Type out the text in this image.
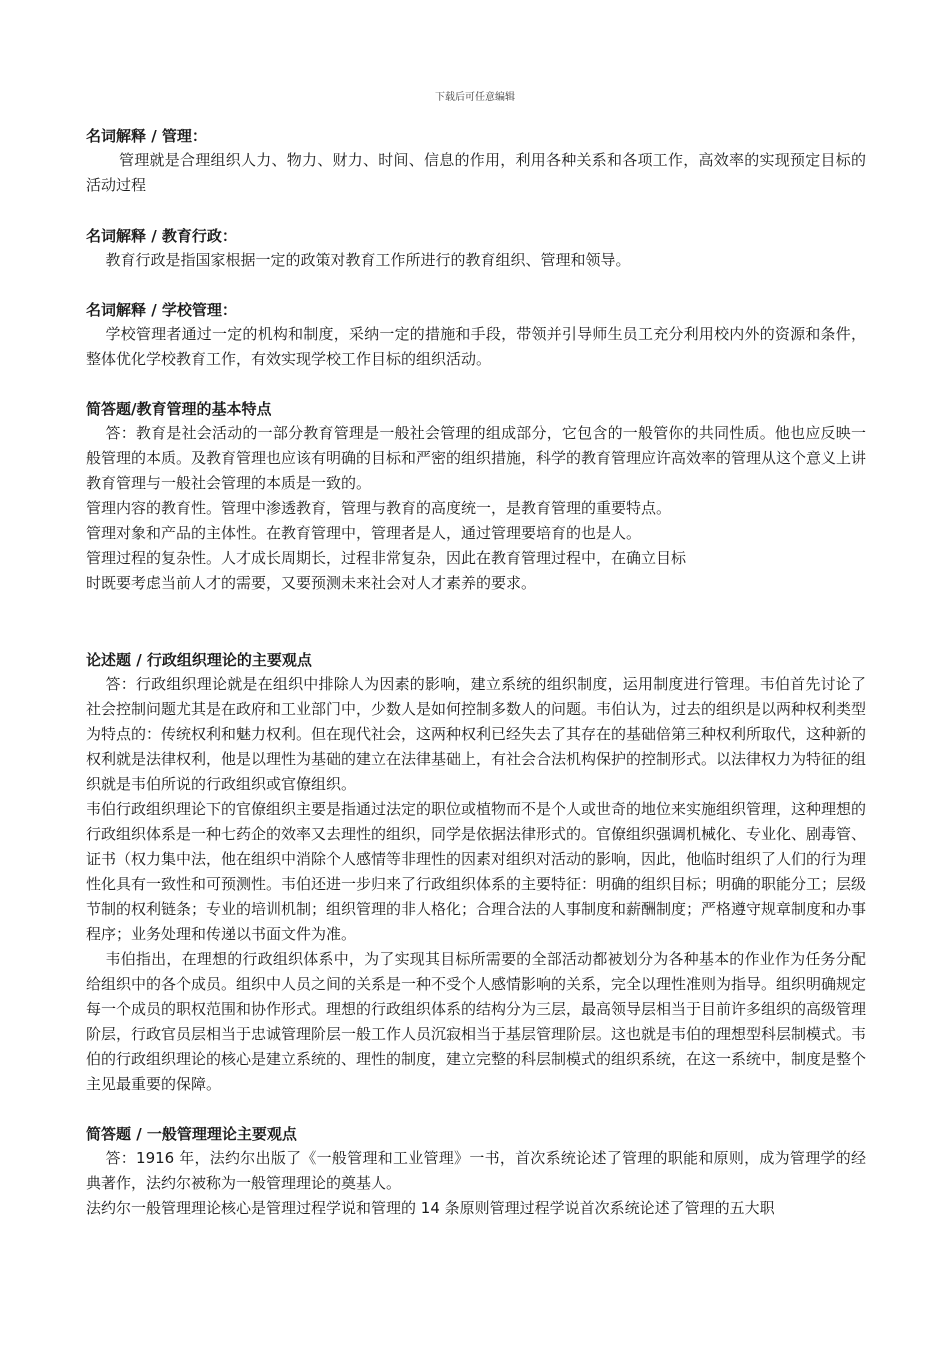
下载后可任意编辑

名词解释 / 管理：

管理就是合理组织人力、物力、财力、时间、信息的作用，利用各种关系和各项工作，高效率的实现预定目标的活动过程

名词解释 / 教育行政：

教育行政是指国家根据一定的政策对教育工作所进行的教育组织、管理和领导。

名词解释 / 学校管理：

学校管理者通过一定的机构和制度，采纳一定的措施和手段，带领并引导师生员工充分利用校内外的资源和条件，整体优化学校教育工作，有效实现学校工作目标的组织活动。

简答题/教育管理的基本特点

答：教育是社会活动的一部分教育管理是一般社会管理的组成部分，它包含的一般管你的共同性质。他也应反映一般管理的本质。及教育管理也应该有明确的目标和严密的组织措施，科学的教育管理应许高效率的管理从这个意义上讲教育管理与一般社会管理的本质是一致的。

管理内容的教育性。管理中渗透教育，管理与教育的高度统一，是教育管理的重要特点。

管理对象和产品的主体性。在教育管理中，管理者是人，通过管理要培育的也是人。

管理过程的复杂性。人才成长周期长，过程非常复杂，因此在教育管理过程中，在确立目标

时既要考虑当前人才的需要，又要预测未来社会对人才素养的要求。

论述题 / 行政组织理论的主要观点

答：行政组织理论就是在组织中排除人为因素的影响，建立系统的组织制度，运用制度进行管理。韦伯首先讨论了社会控制问题尤其是在政府和工业部门中，少数人是如何控制多数人的问题。韦伯认为，过去的组织是以两种权利类型为特点的：传统权利和魅力权利。但在现代社会，这两种权利已经失去了其存在的基础倍第三种权利所取代，这种新的权利就是法律权利，他是以理性为基础的建立在法律基础上，有社会合法机构保护的控制形式。以法律权力为特征的组织就是韦伯所说的行政组织或官僚组织。

韦伯行政组织理论下的官僚组织主要是指通过法定的职位或植物而不是个人或世奇的地位来实施组织管理，这种理想的行政组织体系是一种七药企的效率又去理性的组织，同学是依据法律形式的。官僚组织强调机械化、专业化、剧毒管、证书（权力集中法，他在组织中消除个人感情等非理性的因素对组织对活动的影响，因此，他临时组织了人们的行为理性化具有一致性和可预测性。韦伯还进一步归来了行政组织体系的主要特征：明确的组织目标；明确的职能分工；层级节制的权利链条；专业的培训机制；组织管理的非人格化；合理合法的人事制度和薪酬制度；严格遵守规章制度和办事程序；业务处理和传递以书面文件为准。

韦伯指出，在理想的行政组织体系中，为了实现其目标所需要的全部活动都被划分为各种基本的作业作为任务分配给组织中的各个成员。组织中人员之间的关系是一种不受个人感情影响的关系，完全以理性准则为指导。组织明确规定每一个成员的职权范围和协作形式。理想的行政组织体系的结构分为三层，最高领导层相当于目前许多组织的高级管理阶层，行政官员层相当于忠诚管理阶层一般工作人员沉寂相当于基层管理阶层。这也就是韦伯的理想型科层制模式。韦伯的行政组织理论的核心是建立系统的、理性的制度，建立完整的科层制模式的组织系统，在这一系统中，制度是整个主见最重要的保障。

简答题 / 一般管理理论主要观点

答：1916 年，法约尔出版了《一般管理和工业管理》一书，首次系统论述了管理的职能和原则，成为管理学的经典著作，法约尔被称为一般管理理论的奠基人。

法约尔一般管理理论核心是管理过程学说和管理的 14 条原则管理过程学说首次系统论述了管理的五大职
